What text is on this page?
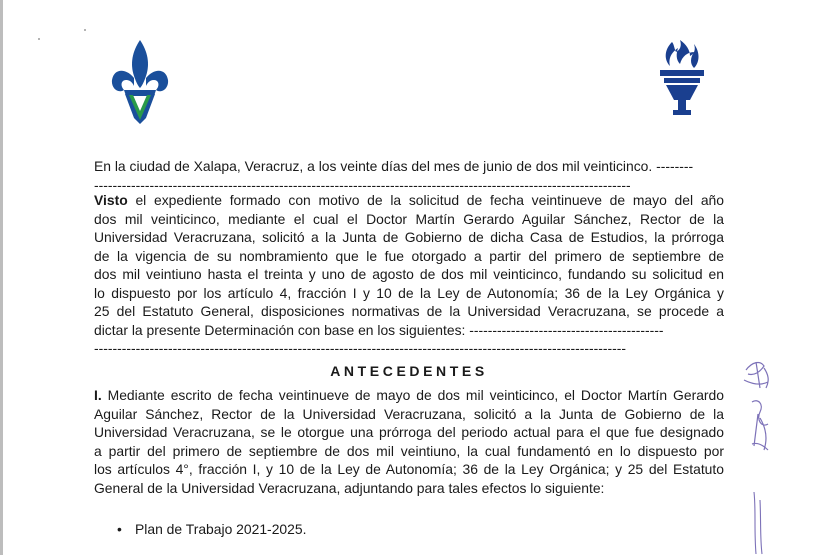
En la ciudad de Xalapa, Veracruz, a los veinte días del mes de junio de dos mil veinticinco. --------
--------------------------------------------------------------------------------------------------------------------
Visto el expediente formado con motivo de la solicitud de fecha veintinueve de mayo del año
dos mil veinticinco, mediante el cual el Doctor Martín Gerardo Aguilar Sánchez, Rector de la
Universidad Veracruzana, solicitó a la Junta de Gobierno de dicha Casa de Estudios, la prórroga
de la vigencia de su nombramiento que le fue otorgado a partir del primero de septiembre de
dos mil veintiuno hasta el treinta y uno de agosto de dos mil veinticinco, fundando su solicitud en
lo dispuesto por los artículo 4, fracción I y 10 de la Ley de Autonomía; 36 de la Ley Orgánica y
25 del Estatuto General, disposiciones normativas de la Universidad Veracruzana, se procede a
dictar la presente Determinación con base en los siguientes: ------------------------------------------
-------------------------------------------------------------------------------------------------------------------
ANTECEDENTES
I. Mediante escrito de fecha veintinueve de mayo de dos mil veinticinco, el Doctor Martín Gerardo
Aguilar Sánchez, Rector de la Universidad Veracruzana, solicitó a la Junta de Gobierno de la
Universidad Veracruzana, se le otorgue una prórroga del periodo actual para el que fue designado
a partir del primero de septiembre de dos mil veintiuno, la cual fundamentó en lo dispuesto por
los artículos 4°, fracción I, y 10 de la Ley de Autonomía; 36 de la Ley Orgánica; y 25 del Estatuto
General de la Universidad Veracruzana, adjuntando para tales efectos lo siguiente:
• Plan de Trabajo 2021-2025.
